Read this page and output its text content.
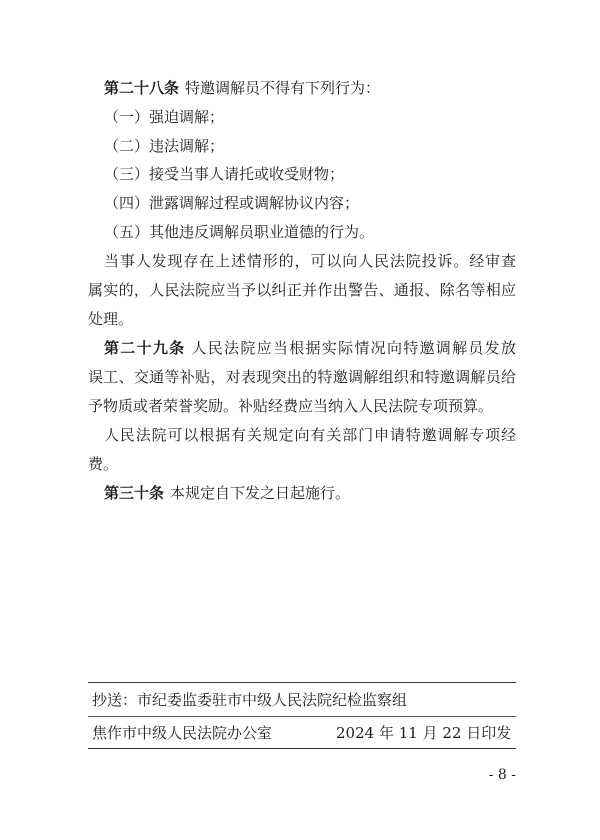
第二十八条 特邀调解员不得有下列行为：
（一）强迫调解；
（二）违法调解；
（三）接受当事人请托或收受财物；
（四）泄露调解过程或调解协议内容；
（五）其他违反调解员职业道德的行为。
当事人发现存在上述情形的，可以向人民法院投诉。经审查
属实的，人民法院应当予以纠正并作出警告、通报、除名等相应
处理。
第二十九条 人民法院应当根据实际情况向特邀调解员发放
误工、交通等补贴，对表现突出的特邀调解组织和特邀调解员给
予物质或者荣誉奖励。补贴经费应当纳入人民法院专项预算。
人民法院可以根据有关规定向有关部门申请特邀调解专项经
费。
第三十条 本规定自下发之日起施行。
抄送：市纪委监委驻市中级人民法院纪检监察组
焦作市中级人民法院办公室	2024 年 11 月 22 日印发
- 8 -
